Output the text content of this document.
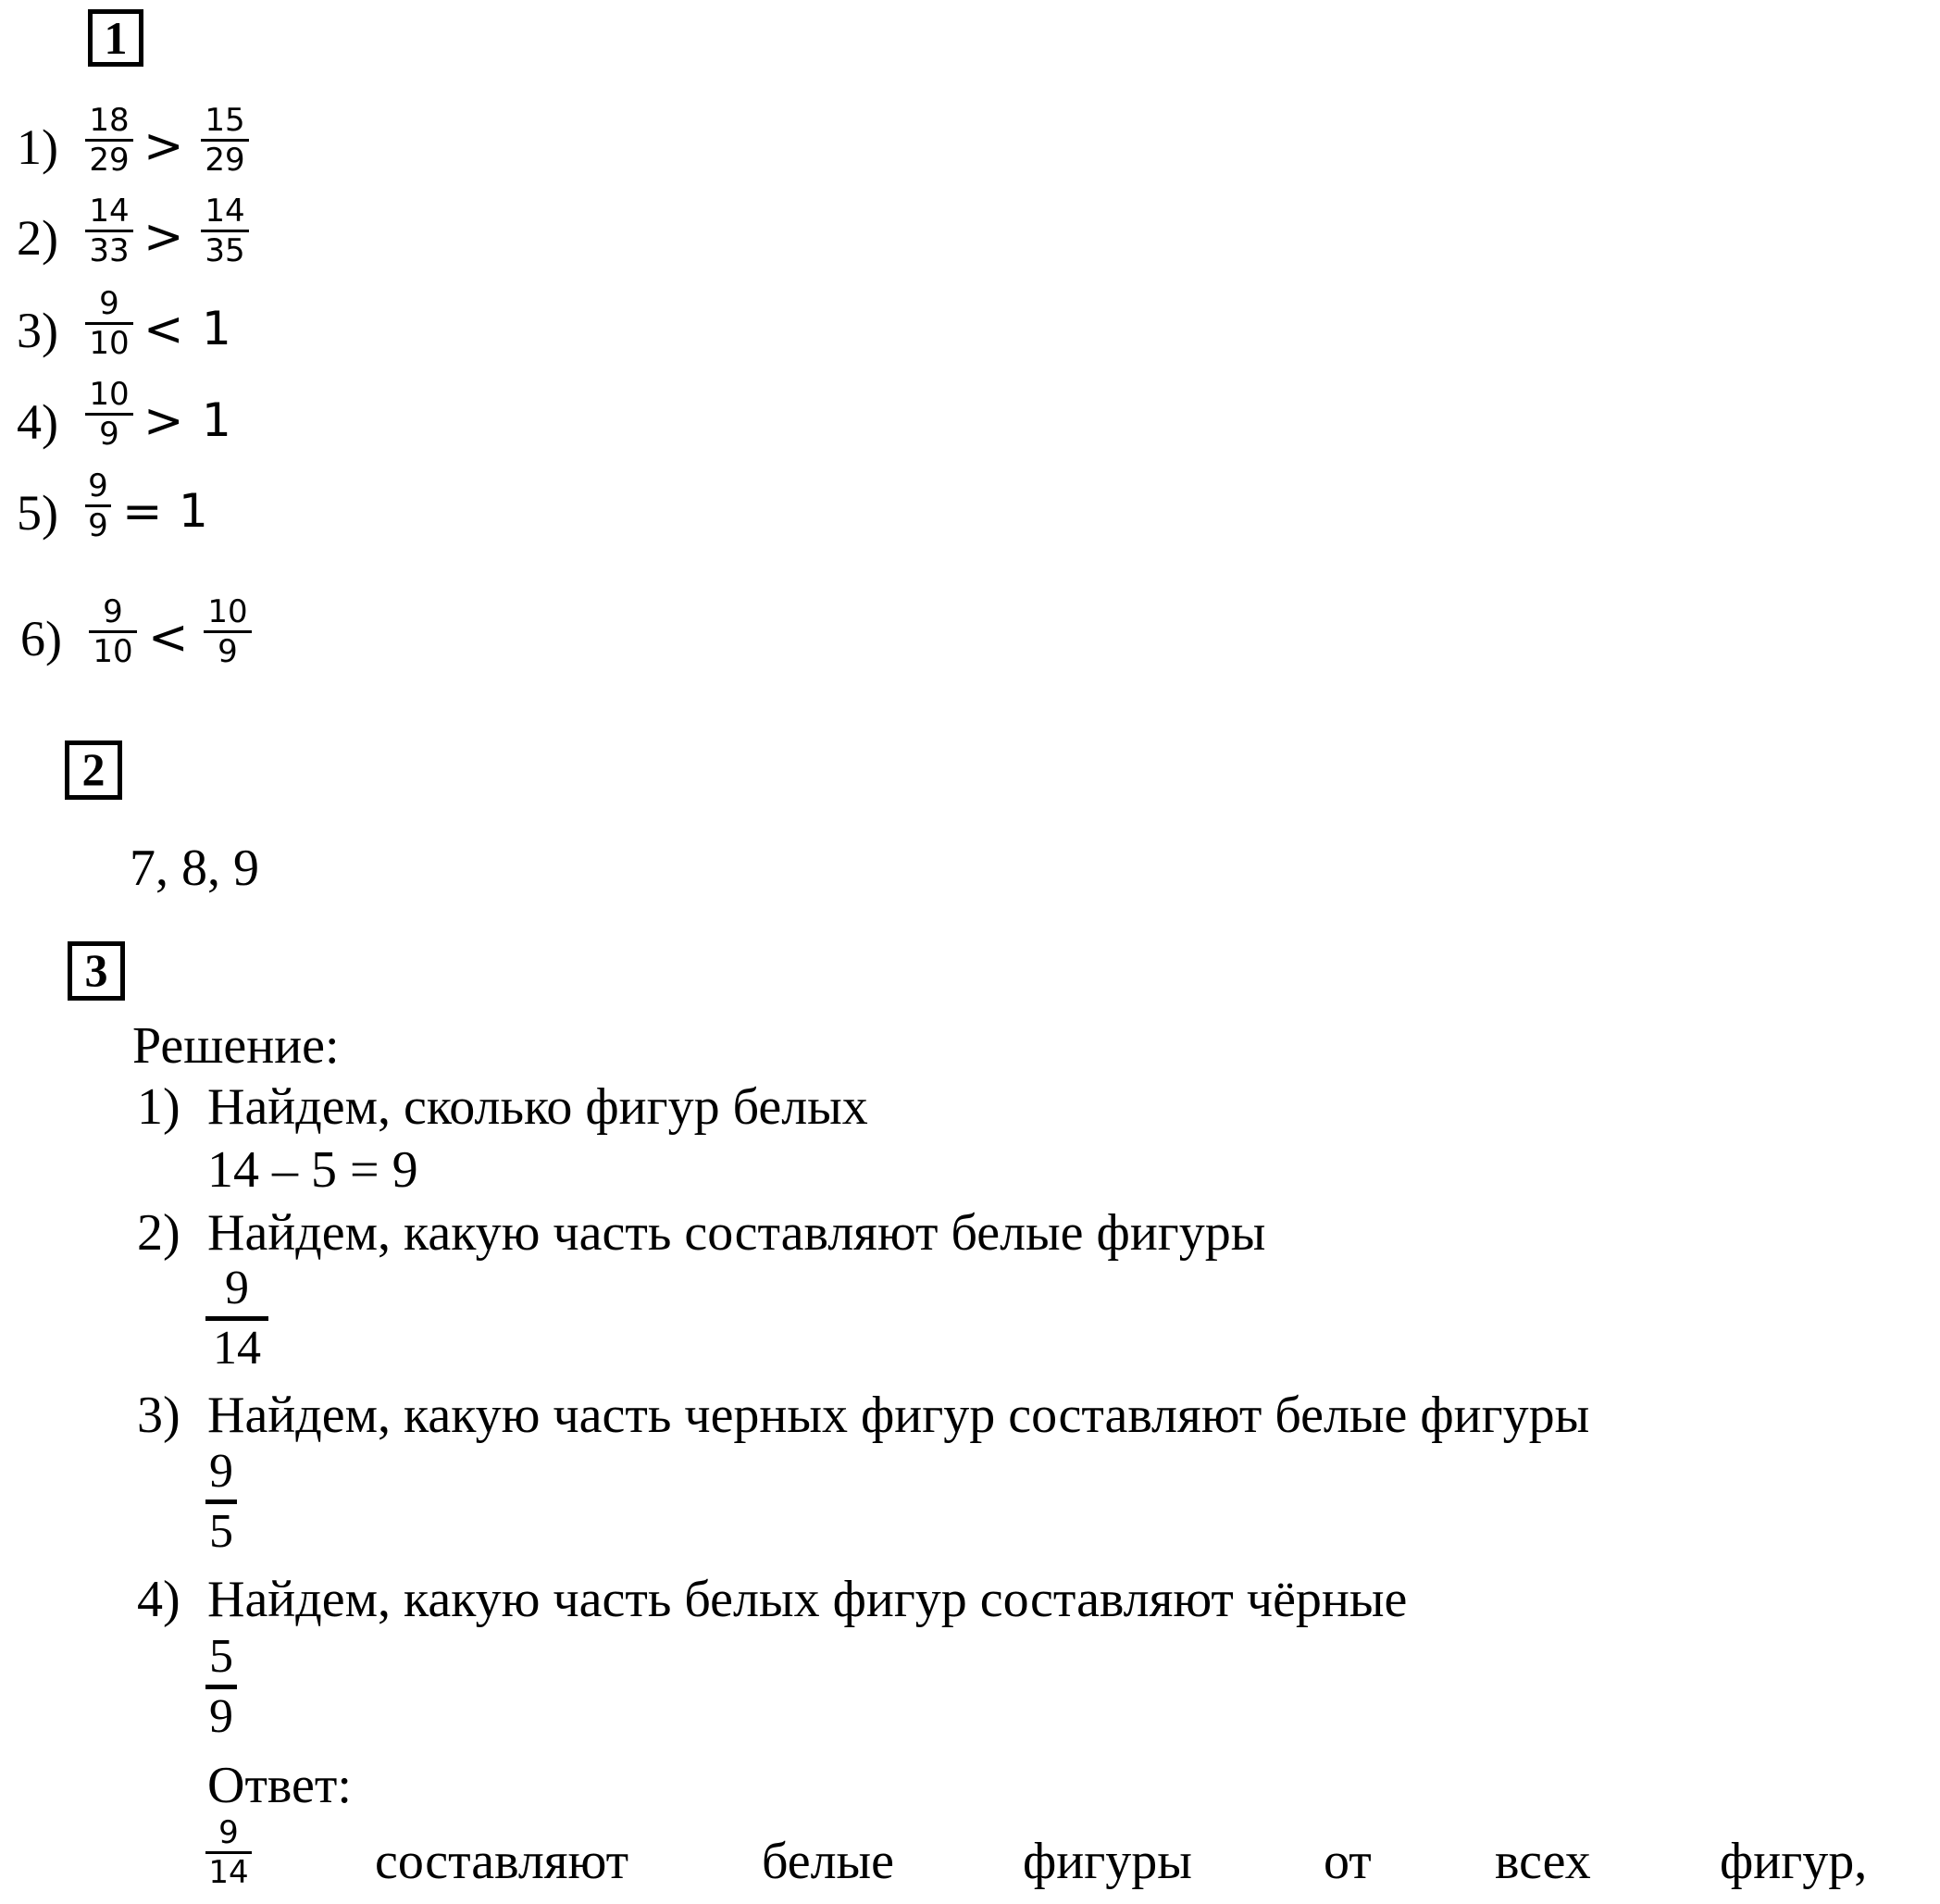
1
1) 18
29 > 15
29
2) 14
33 > 14
35
3)	9
10 < 1
4) 10
9 > 1
5) 9
9 = 1
6)	9
10 < 10
9
2
7, 8, 9
3
Решение:
1) Найдем, сколько фигур белых
14 – 5 = 9
2) Найдем, какую часть составляют белые фигуры
9
14
3) Найдем, какую часть черных фигур составляют белые фигуры
9
5
4) Найдем, какую часть белых фигур составляют чёрные
5
9
Ответ:
9
14 составляют	белые фигуры	от всех фигур,
